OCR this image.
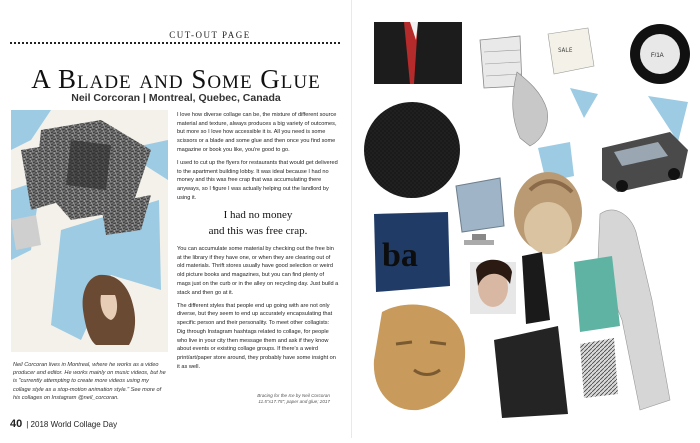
CUT-OUT PAGE
A Blade and Some Glue
Neil Corcoran | Montreal, Quebec, Canada

I love how diverse collage can be, the mixture of different source material and texture, always produces a big variety of outcomes, but more so I love how accessible it is. All you need is some scissors or a blade and some glue and then once you find some magazine or book you like, you're good to go.

I used to cut up the flyers for restaurants that would get delivered to the apartment building lobby. It was ideal because I had no money and this was free crap that was accumulating there anyways, so I figure I was actually helping out the landlord by using it.

I had no money
and this was free crap.

You can accumulate some material by checking out the free bin at the library if they have one, or when they are clearing out of old materials. Thrift stores usually have good selection or weird old picture books and magazines, but you can find plenty of mags just on the curb or in the alley on recycling day. Just build a stack and then go at it.

The different styles that people end up going with are not only diverse, but they seem to end up accurately encapsulating that specific person and their personality. To meet other collagists: Dig through Instagram hashtags related to collage, for people who live in your city then message them and ask if they know about events or existing collage groups. If there's a weird print/art/paper store around, they probably have some insight on it as well.

Neil Corcoran lives in Montreal, where he works as a video producer and editor. He works mainly on music videos, but he is "currently attempting to create more videos using my collage style as a stop-motion animation style." See more of his collages on Instagram @neil_corcoran.	Bracing for the Ice by Neil Corcoran
11.5"x17.75"; paper and glue; 2017
40 | 2018 World Collage Day
SALE
F/1A
ba
